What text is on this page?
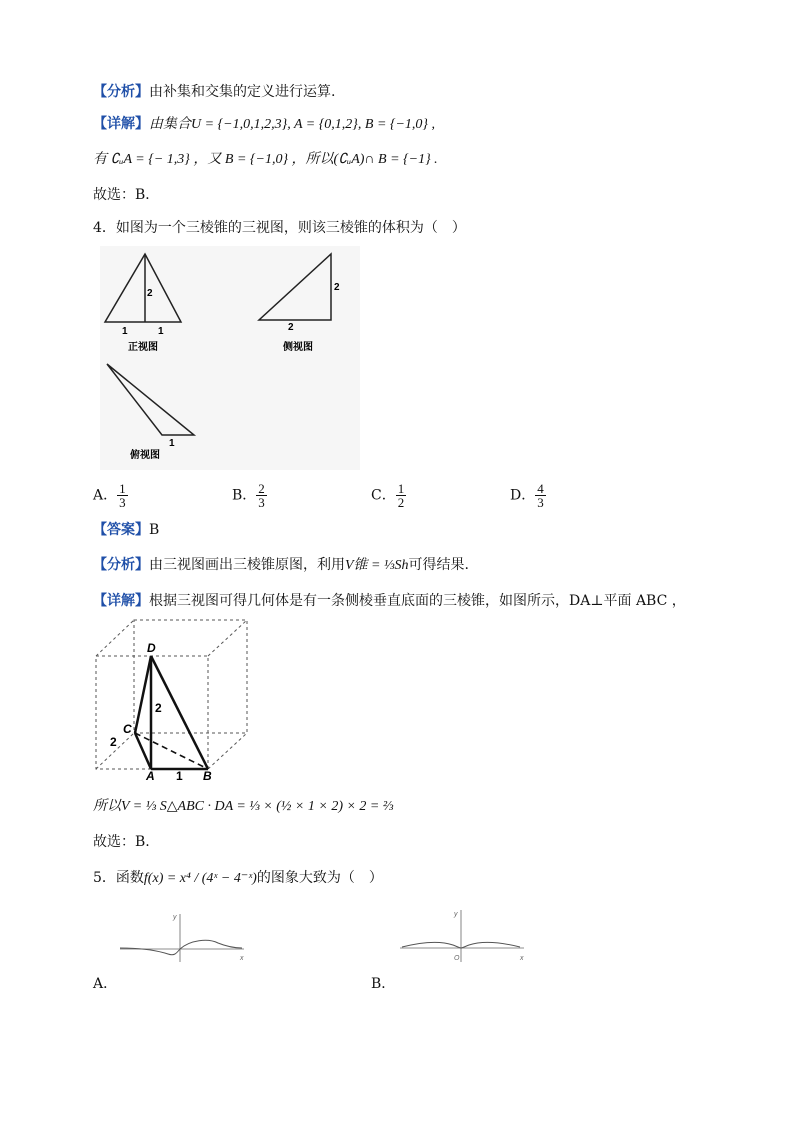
【分析】由补集和交集的定义进行运算.
【详解】由集合U = {−1,0,1,2,3}, A = {0,1,2}, B = {−1,0} ,
有 ∁ᵤA = {− 1,3} ，又 B = {−1,0} ，所以(∁ᵤA)∩ B = {−1} .
故选：B．
4．如图为一个三棱锥的三视图，则该三棱锥的体积为（　）
2
1	1
正视图
2
2
侧视图
1
俯视图
A． $\frac{1}{3}$	B． $\frac{2}{3}$	C． $\frac{1}{2}$	D． $\frac{4}{3}$
【答案】B
【分析】由三视图画出三棱锥原图，利用V锥 = ⅓Sh可得结果.
【详解】根据三视图可得几何体是有一条侧棱垂直底面的三棱锥，如图所示，DA⊥平面 ABC ，
D
C
A	B
2
2
1
所以V = ⅓ S△ABC · DA = ⅓ × (½ × 1 × 2) × 2 = ⅔
故选：B.
5．函数f(x) = x⁴ / (4ˣ − 4⁻ˣ)的图象大致为（　）
x
y
A．
x
y
O
B．
